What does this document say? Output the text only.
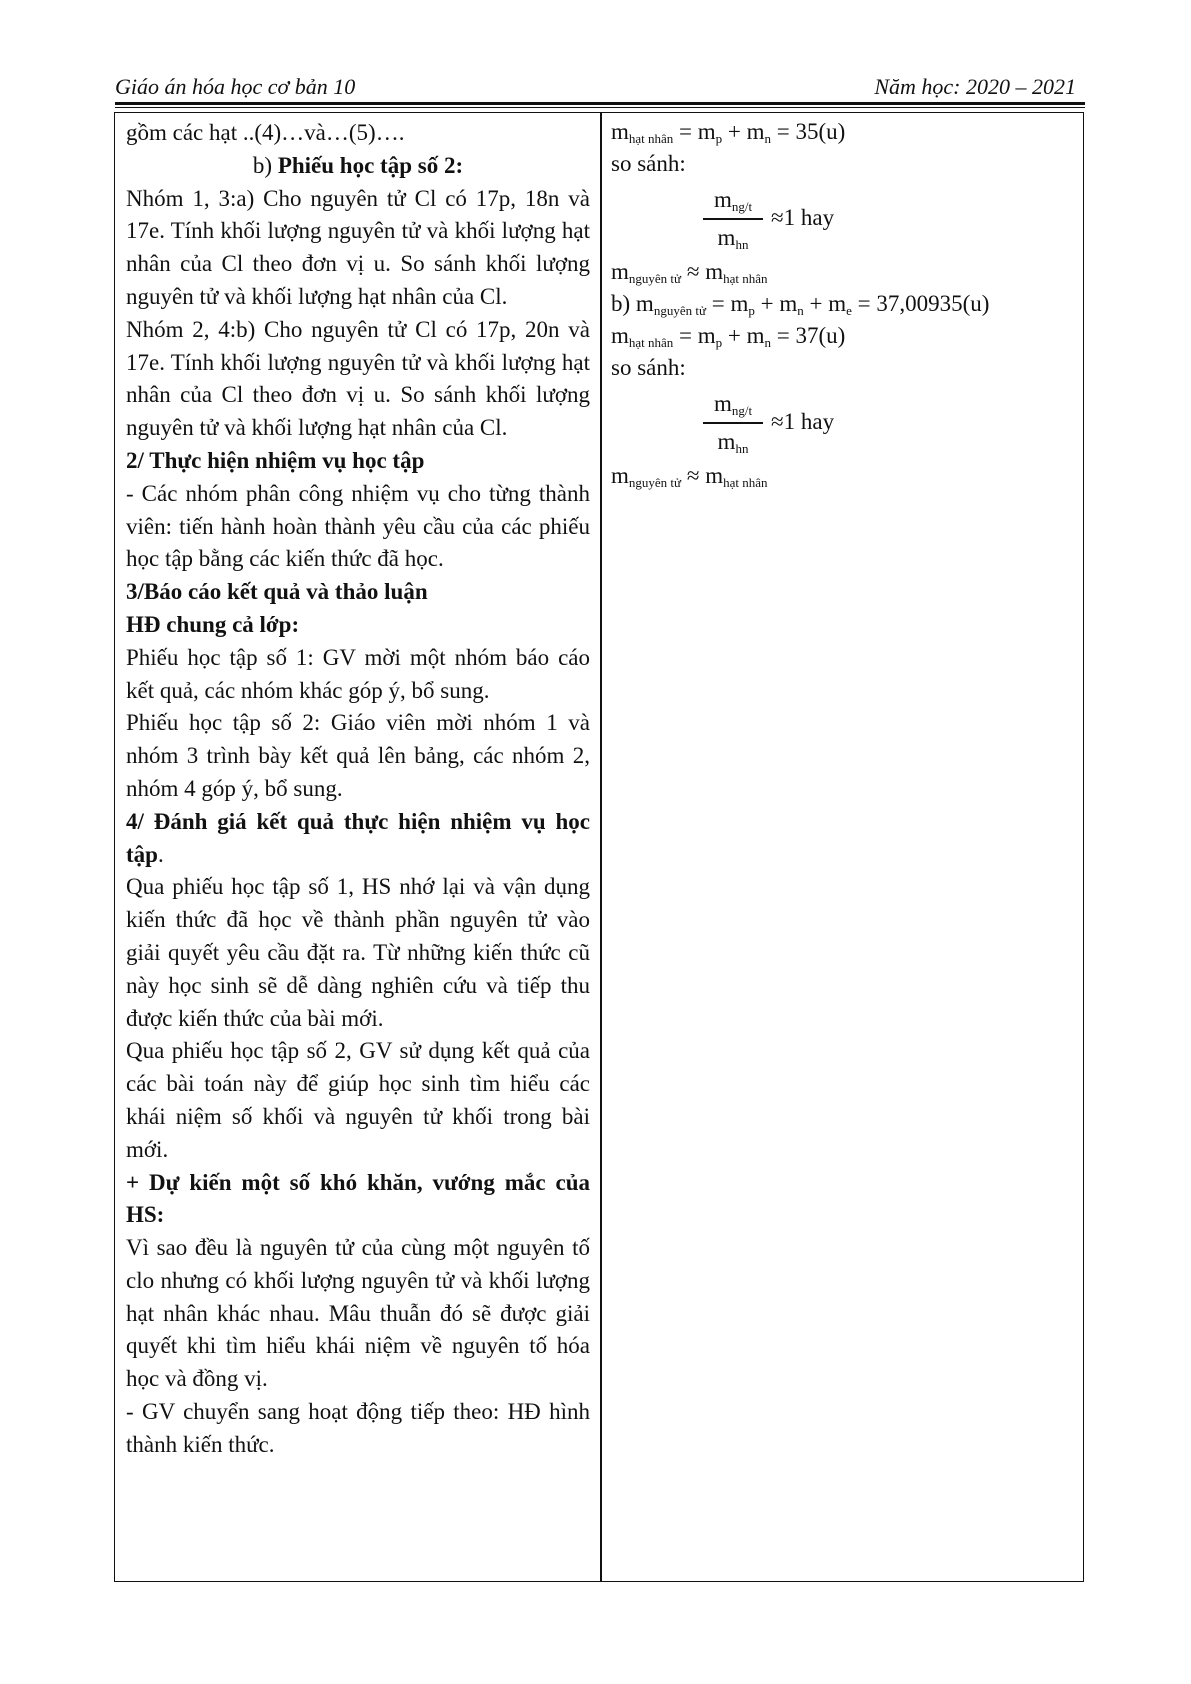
Giáo án hóa học cơ bản 10	Năm học: 2020 – 2021

gồm các hạt ..(4)…và…(5)….

b) Phiếu học tập số 2:

Nhóm 1, 3:a) Cho nguyên tử Cl có 17p, 18n và 17e. Tính khối lượng nguyên tử và khối lượng hạt nhân của Cl theo đơn vị u. So sánh khối lượng nguyên tử và khối lượng hạt nhân của Cl.

Nhóm 2, 4:b) Cho nguyên tử Cl có 17p, 20n và 17e. Tính khối lượng nguyên tử và khối lượng hạt nhân của Cl theo đơn vị u. So sánh khối lượng nguyên tử và khối lượng hạt nhân của Cl.

2/ Thực hiện nhiệm vụ học tập

- Các nhóm phân công nhiệm vụ cho từng thành viên: tiến hành hoàn thành yêu cầu của các phiếu học tập bằng các kiến thức đã học.

3/Báo cáo kết quả và thảo luận

HĐ chung cả lớp:

Phiếu học tập số 1: GV mời một nhóm báo cáo kết quả, các nhóm khác góp ý, bổ sung.

Phiếu học tập số 2: Giáo viên mời nhóm 1 và nhóm 3 trình bày kết quả lên bảng, các nhóm 2, nhóm 4 góp ý, bổ sung.

4/ Đánh giá kết quả thực hiện nhiệm vụ học tập.

Qua phiếu học tập số 1, HS nhớ lại và vận dụng kiến thức đã học về thành phần nguyên tử vào giải quyết yêu cầu đặt ra. Từ những kiến thức cũ này học sinh sẽ dễ dàng nghiên cứu và tiếp thu được kiến thức của bài mới.

Qua phiếu học tập số 2, GV sử dụng kết quả của các bài toán này để giúp học sinh tìm hiểu các khái niệm số khối và nguyên tử khối trong bài mới.

+ Dự kiến một số khó khăn, vướng mắc của HS:

Vì sao đều là nguyên tử của cùng một nguyên tố clo nhưng có khối lượng nguyên tử và khối lượng hạt nhân khác nhau. Mâu thuẫn đó sẽ được giải quyết khi tìm hiểu khái niệm về nguyên tố hóa học và đồng vị.

- GV chuyển sang hoạt động tiếp theo: HĐ hình thành kiến thức.

$m_{hạt nhân} = m_p + m_n = 35(u)$
so sánh:
$m_{ng/t}$
$m_{hn}$
≈1 hay
$m_{nguyên tử} \approx m_{hạt nhân}$
b) $m_{nguyên tử} = m_p + m_n + m_e = 37,00935(u)$
$m_{hạt nhân} = m_p + m_n = 37(u)$
so sánh:
$m_{ng/t}$
$m_{hn}$
≈1 hay
$m_{nguyên tử} \approx m_{hạt nhân}$
